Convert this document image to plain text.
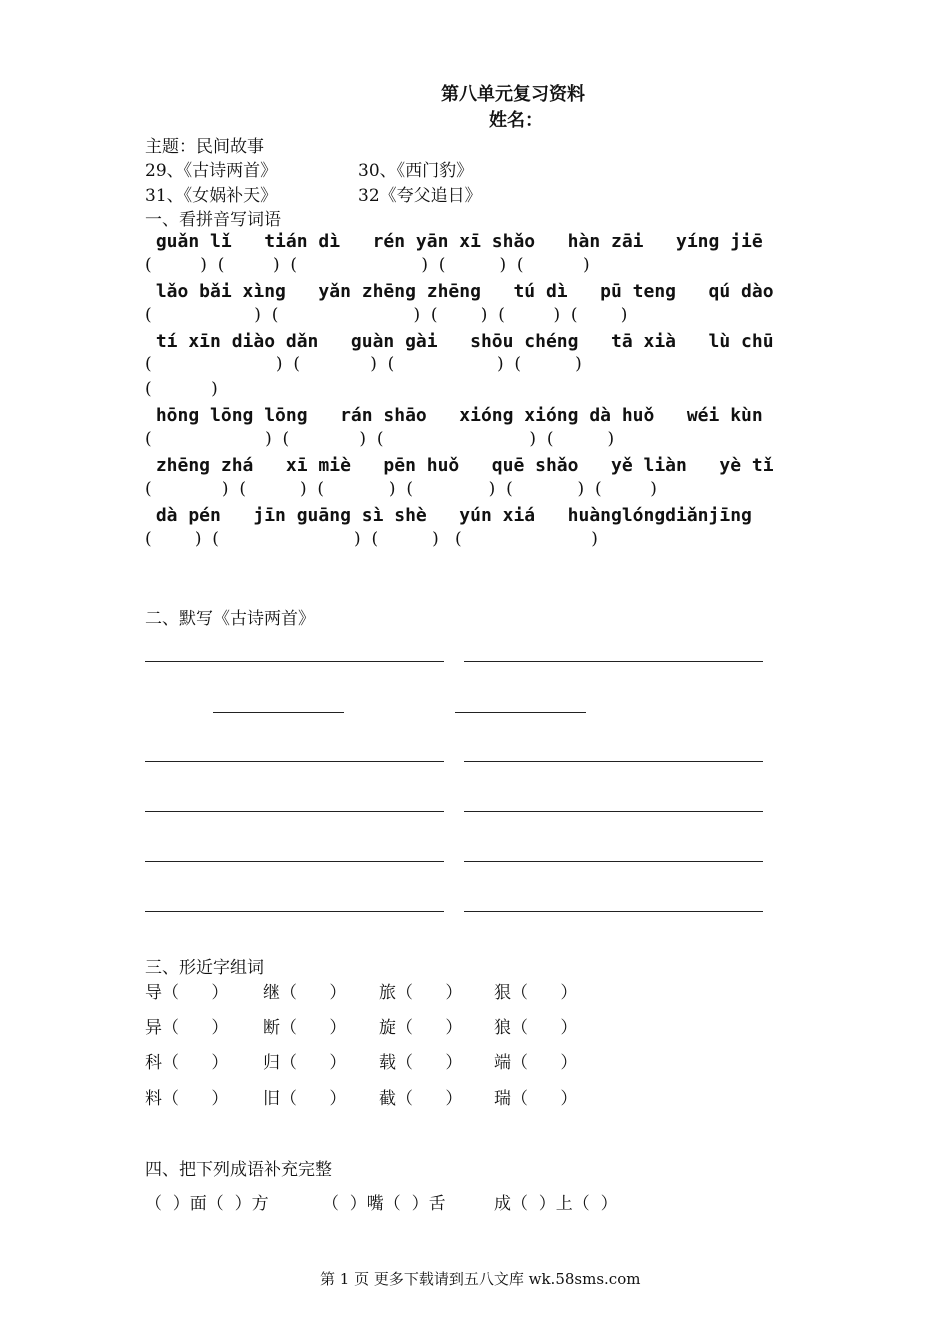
第八单元复习资料
姓名：
主题：民间故事
29、《古诗两首》	30、《西门豹》
31、《女娲补天》	32《夸父追日》
一、看拼音写词语
guǎn lǐ   tián dì   rén yān xī shǎo   hàn zāi   yíng jiē
(         )  (         )  (                       )  (          )  (           )
lǎo bǎi xìng   yǎn zhēng zhēng   tú dì   pū teng   qú dào
(                   )  (                         )  (        )  (         )  (        )
tí xīn diào dǎn   guàn gài   shōu chéng   tā xià   lù chū
(                       )  (             )  (                   )  (          )
(           )
hōng lōng lōng   rán shāo   xióng xióng dà huǒ   wéi kùn
(                     )  (             )  (                           )  (          )
zhēng zhá   xī miè   pēn huǒ   quē shǎo   yě liàn   yè tǐ
(             )  (          )  (            )  (              )  (            )  (         )
dà pén   jīn guāng sì shè   yún xiá   huànglóngdiǎnjīng
(        )  (                         )  (          )   (                        )
二、默写《古诗两首》
三、形近字组词
导（      ） 继（      ） 旅（      ） 狠（      ）
异（      ） 断（      ） 旋（      ） 狼（      ）
科（      ） 归（      ） 载（      ） 端（      ）
料（      ） 旧（      ） 截（      ） 瑞（      ）
四、把下列成语补充完整
（  ）面（  ）方	（  ）嘴（  ）舌	成（  ）上（  ）
第 1 页 更多下载请到五八文库 wk.58sms.com
